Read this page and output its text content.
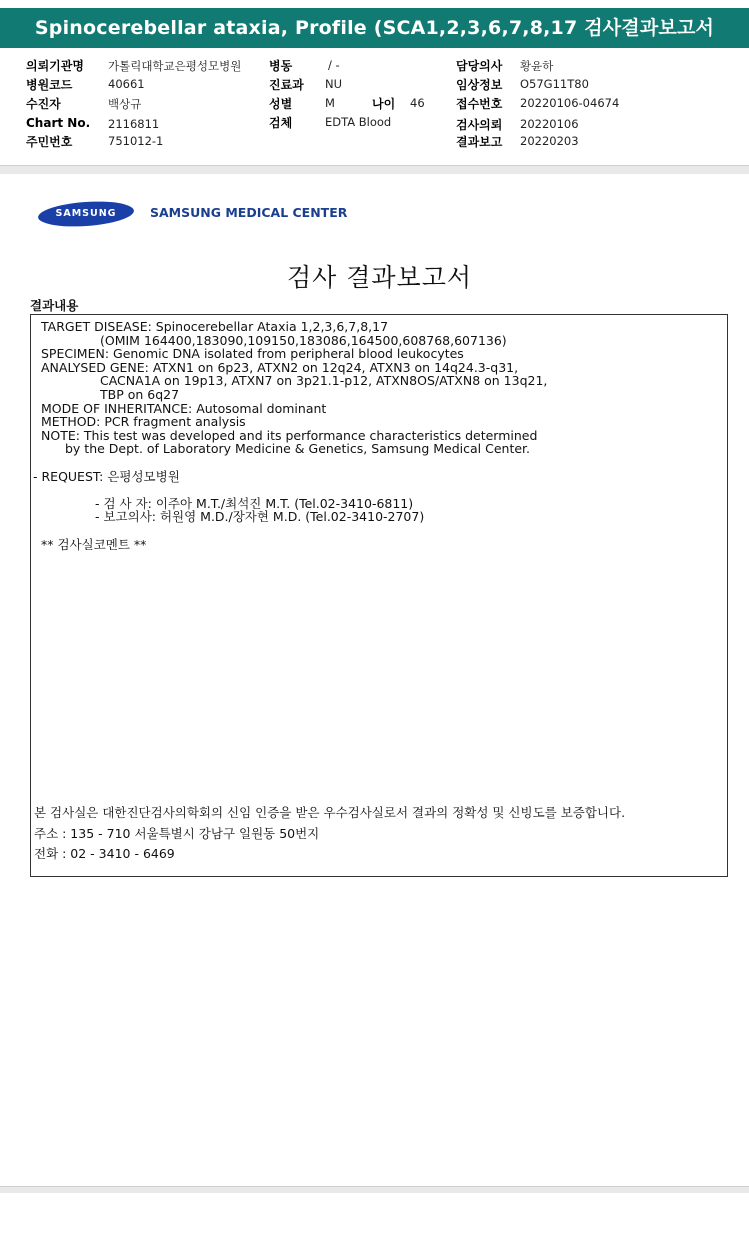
Spinocerebellar ataxia, Profile (SCA1,2,3,6,7,8,17 검사결과보고서
의뢰기관명 가톨릭대학교은평성모병원
병원코드	40661
수진자	백상규
Chart No. 2116811
주민번호	751012-1
병동	/ -
진료과 NU
성별	M	나이 46
검체	EDTA Blood
담당의사 황윤하
임상정보 O57G11T80
접수번호 20220106-04674
검사의뢰 20220106
결과보고 20220203
SAMSUNG	SAMSUNG MEDICAL CENTER
검사 결과보고서
결과내용
TARGET DISEASE: Spinocerebellar Ataxia 1,2,3,6,7,8,17
(OMIM 164400,183090,109150,183086,164500,608768,607136)
SPECIMEN: Genomic DNA isolated from peripheral blood leukocytes
ANALYSED GENE: ATXN1 on 6p23, ATXN2 on 12q24, ATXN3 on 14q24.3-q31,
CACNA1A on 19p13, ATXN7 on 3p21.1-p12, ATXN8OS/ATXN8 on 13q21,
TBP on 6q27
MODE OF INHERITANCE: Autosomal dominant
METHOD: PCR fragment analysis
NOTE: This test was developed and its performance characteristics determined
by the Dept. of Laboratory Medicine & Genetics, Samsung Medical Center.
- REQUEST: 은평성모병원
- 검 사 자: 이주아 M.T./최석진 M.T. (Tel.02-3410-6811)
- 보고의사: 허원영 M.D./장자현 M.D. (Tel.02-3410-2707)
** 검사실코멘트 **
본 검사실은 대한진단검사의학회의 신임 인증을 받은 우수검사실로서 결과의 정확성 및 신빙도를 보증합니다.
주소 : 135 - 710 서울특별시 강남구 일원동 50번지
전화 : 02 - 3410 - 6469
